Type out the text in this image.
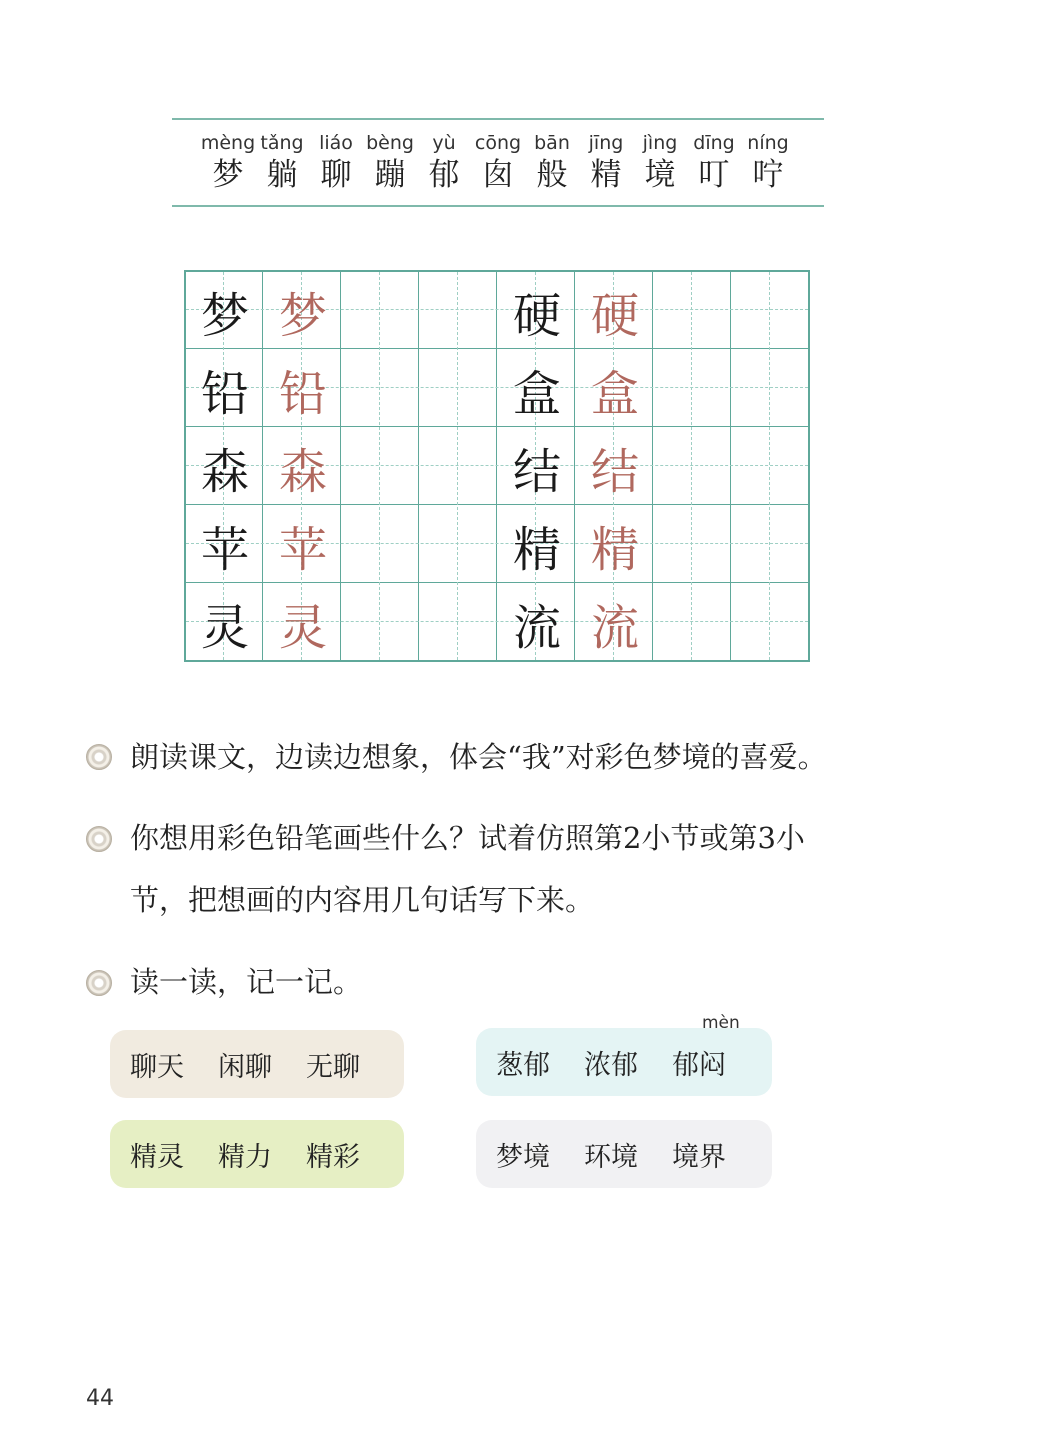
mèng
梦
tǎng
躺
liáo
聊
bèng
蹦
yù
郁
cōng
囱
bān
般
jīng
精
jìng
境
dīng
叮
níng
咛
梦 梦
铅 铅
森 森
苹 苹
灵 灵
硬 硬
盒 盒
结 结
精 精
流 流
朗读课文，边读边想象，体会“我”对彩色梦境的喜爱。
你想用彩色铅笔画些什么？试着仿照第2小节或第3小
节，把想画的内容用几句话写下来。
读一读，记一记。
聊天 闲聊 无聊	葱郁 浓郁 郁闷
mèn
精灵 精力 精彩	梦境 环境 境界
44
